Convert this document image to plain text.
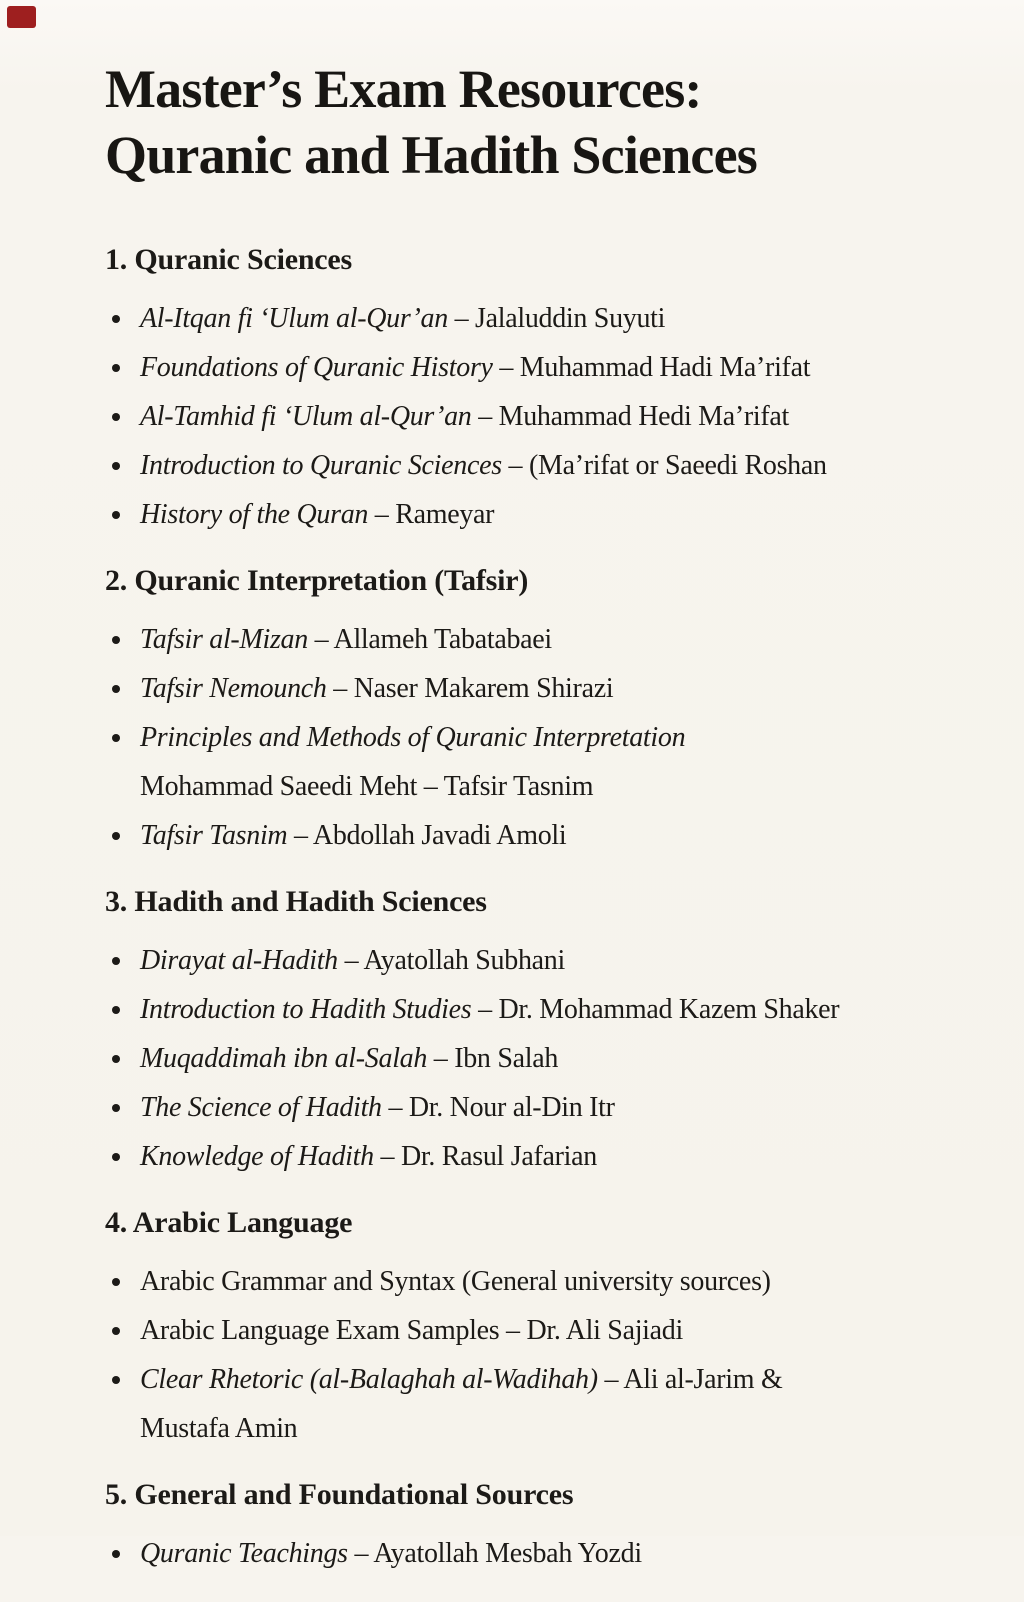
Master’s Exam Resources:
Quranic and Hadith Sciences
1. Quranic Sciences
Al-Itqan fi ‘Ulum al-Qur’an – Jalaluddin Suyuti
Foundations of Quranic History – Muhammad Hadi Ma’rifat
Al-Tamhid fi ‘Ulum al-Qur’an – Muhammad Hedi Ma’rifat
Introduction to Quranic Sciences – (Ma’rifat or Saeedi Roshan
History of the Quran – Rameyar
2. Quranic Interpretation (Tafsir)
Tafsir al-Mizan – Allameh Tabatabaei
Tafsir Nemounch – Naser Makarem Shirazi
Principles and Methods of Quranic Interpretation
Mohammad Saeedi Meht – Tafsir Tasnim
Tafsir Tasnim – Abdollah Javadi Amoli
3. Hadith and Hadith Sciences
Dirayat al-Hadith – Ayatollah Subhani
Introduction to Hadith Studies – Dr. Mohammad Kazem Shaker
Muqaddimah ibn al-Salah – Ibn Salah
The Science of Hadith – Dr. Nour al-Din Itr
Knowledge of Hadith – Dr. Rasul Jafarian
4. Arabic Language
Arabic Grammar and Syntax (General university sources)
Arabic Language Exam Samples – Dr. Ali Sajiadi
Clear Rhetoric (al-Balaghah al-Wadihah) – Ali al-Jarim &
Mustafa Amin
5. General and Foundational Sources
Quranic Teachings – Ayatollah Mesbah Yozdi
